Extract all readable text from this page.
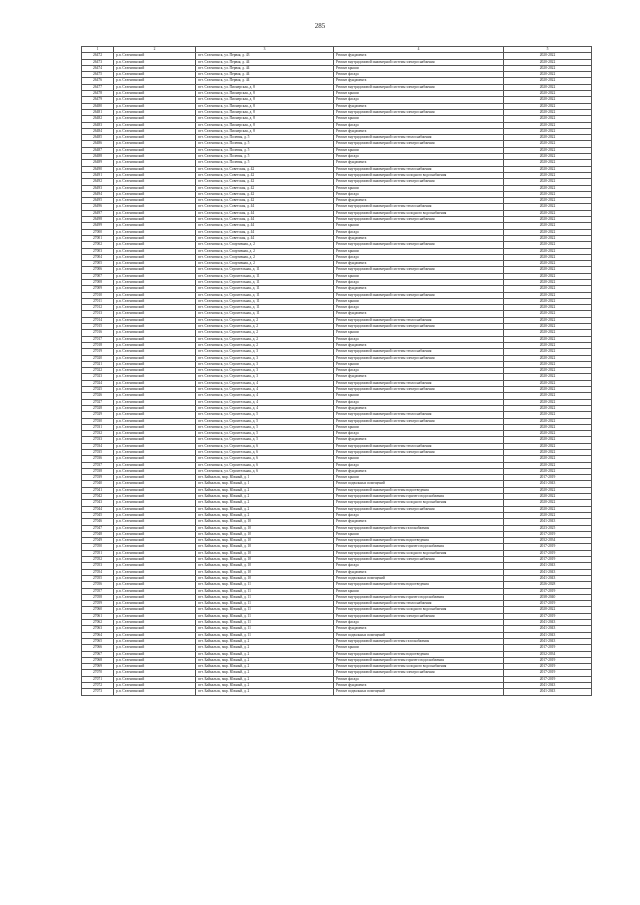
285
1	2	3	4	5
26472	р.п. Селенгинский	пгт. Селенгинск, ул. Первая, д. 43	Ремонт фундамента	2020-2022
26473	р.п. Селенгинский	пгт. Селенгинск, ул. Первая, д. 44	Ремонт внутридомовой инженерной системы электроснабжения	2020-2022
26474	р.п. Селенгинский	пгт. Селенгинск, ул. Первая, д. 44	Ремонт крыши	2020-2022
26475	р.п. Селенгинский	пгт. Селенгинск, ул. Первая, д. 44	Ремонт фасада	2020-2022
26476	р.п. Селенгинский	пгт. Селенгинск, ул. Первая, д. 44	Ремонт фундамента	2020-2022
26477	р.п. Селенгинский	пгт. Селенгинск, ул. Пионерская, д. 8	Ремонт внутридомовой инженерной системы электроснабжения	2020-2022
26478	р.п. Селенгинский	пгт. Селенгинск, ул. Пионерская, д. 8	Ремонт крыши	2020-2022
26479	р.п. Селенгинский	пгт. Селенгинск, ул. Пионерская, д. 8	Ремонт фасада	2020-2022
26480	р.п. Селенгинский	пгт. Селенгинск, ул. Пионерская, д. 8	Ремонт фундамента	2020-2022
26481	р.п. Селенгинский	пгт. Селенгинск, ул. Пионерская, д. 8	Ремонт внутридомовой инженерной системы электроснабжения	2020-2022
26482	р.п. Селенгинский	пгт. Селенгинск, ул. Пионерская, д. 8	Ремонт крыши	2020-2022
26483	р.п. Селенгинский	пгт. Селенгинск, ул. Пионерская, д. 8	Ремонт фасада	2020-2022
26484	р.п. Селенгинский	пгт. Селенгинск, ул. Пионерская, д. 8	Ремонт фундамента	2020-2022
26485	р.п. Селенгинский	пгт. Селенгинск, ул. Полевая, д. 5	Ремонт внутридомовой инженерной системы теплоснабжения	2020-2022
26486	р.п. Селенгинский	пгт. Селенгинск, ул. Полевая, д. 5	Ремонт внутридомовой инженерной системы электроснабжения	2020-2022
26487	р.п. Селенгинский	пгт. Селенгинск, ул. Полевая, д. 5	Ремонт крыши	2020-2022
26488	р.п. Селенгинский	пгт. Селенгинск, ул. Полевая, д. 5	Ремонт фасада	2020-2022
26489	р.п. Селенгинский	пгт. Селенгинск, ул. Полевая, д. 5	Ремонт фундамента	2020-2022
26490	р.п. Селенгинский	пгт. Селенгинск, ул. Советская, д. 42	Ремонт внутридомовой инженерной системы теплоснабжения	2020-2022
26491	р.п. Селенгинский	пгт. Селенгинск, ул. Советская, д. 42	Ремонт внутридомовой инженерной системы холодного водоснабжения	2020-2022
26492	р.п. Селенгинский	пгт. Селенгинск, ул. Советская, д. 42	Ремонт внутридомовой инженерной системы электроснабжения	2020-2022
26493	р.п. Селенгинский	пгт. Селенгинск, ул. Советская, д. 42	Ремонт крыши	2020-2022
26494	р.п. Селенгинский	пгт. Селенгинск, ул. Советская, д. 42	Ремонт фасада	2020-2022
26495	р.п. Селенгинский	пгт. Селенгинск, ул. Советская, д. 42	Ремонт фундамента	2020-2022
26496	р.п. Селенгинский	пгт. Селенгинск, ул. Советская, д. 44	Ремонт внутридомовой инженерной системы теплоснабжения	2020-2022
26497	р.п. Селенгинский	пгт. Селенгинск, ул. Советская, д. 44	Ремонт внутридомовой инженерной системы холодного водоснабжения	2020-2022
26498	р.п. Селенгинский	пгт. Селенгинск, ул. Советская, д. 44	Ремонт внутридомовой инженерной системы электроснабжения	2020-2022
26499	р.п. Селенгинский	пгт. Селенгинск, ул. Советская, д. 44	Ремонт крыши	2020-2022
27000	р.п. Селенгинский	пгт. Селенгинск, ул. Советская, д. 44	Ремонт фасада	2020-2022
27001	р.п. Селенгинский	пгт. Селенгинск, ул. Советская, д. 44	Ремонт фундамента	2020-2022
27002	р.п. Селенгинский	пгт. Селенгинск, ул. Спортивная, д. 2	Ремонт внутридомовой инженерной системы электроснабжения	2020-2022
27003	р.п. Селенгинский	пгт. Селенгинск, ул. Спортивная, д. 2	Ремонт крыши	2020-2022
27004	р.п. Селенгинский	пгт. Селенгинск, ул. Спортивная, д. 2	Ремонт фасада	2020-2022
27005	р.п. Селенгинский	пгт. Селенгинск, ул. Спортивная, д. 2	Ремонт фундамента	2020-2022
27006	р.п. Селенгинский	пгт. Селенгинск, ул. Строительная, д. 11	Ремонт внутридомовой инженерной системы электроснабжения	2020-2022
27007	р.п. Селенгинский	пгт. Селенгинск, ул. Строительная, д. 11	Ремонт крыши	2020-2022
27008	р.п. Селенгинский	пгт. Селенгинск, ул. Строительная, д. 11	Ремонт фасада	2020-2022
27009	р.п. Селенгинский	пгт. Селенгинск, ул. Строительная, д. 11	Ремонт фундамента	2020-2022
27010	р.п. Селенгинский	пгт. Селенгинск, ул. Строительная, д. 11	Ремонт внутридомовой инженерной системы электроснабжения	2020-2022
27011	р.п. Селенгинский	пгт. Селенгинск, ул. Строительная, д. 11	Ремонт крыши	2020-2022
27012	р.п. Селенгинский	пгт. Селенгинск, ул. Строительная, д. 11	Ремонт фасада	2020-2022
27013	р.п. Селенгинский	пгт. Селенгинск, ул. Строительная, д. 11	Ремонт фундамента	2020-2022
27014	р.п. Селенгинский	пгт. Селенгинск, ул. Строительная, д. 2	Ремонт внутридомовой инженерной системы теплоснабжения	2020-2022
27015	р.п. Селенгинский	пгт. Селенгинск, ул. Строительная, д. 2	Ремонт внутридомовой инженерной системы электроснабжения	2020-2022
27016	р.п. Селенгинский	пгт. Селенгинск, ул. Строительная, д. 2	Ремонт крыши	2020-2022
27017	р.п. Селенгинский	пгт. Селенгинск, ул. Строительная, д. 2	Ремонт фасада	2020-2022
27018	р.п. Селенгинский	пгт. Селенгинск, ул. Строительная, д. 2	Ремонт фундамента	2020-2022
27019	р.п. Селенгинский	пгт. Селенгинск, ул. Строительная, д. 3	Ремонт внутридомовой инженерной системы теплоснабжения	2020-2022
27020	р.п. Селенгинский	пгт. Селенгинск, ул. Строительная, д. 3	Ремонт внутридомовой инженерной системы электроснабжения	2020-2022
27021	р.п. Селенгинский	пгт. Селенгинск, ул. Строительная, д. 3	Ремонт крыши	2020-2022
27022	р.п. Селенгинский	пгт. Селенгинск, ул. Строительная, д. 3	Ремонт фасада	2020-2022
27023	р.п. Селенгинский	пгт. Селенгинск, ул. Строительная, д. 3	Ремонт фундамента	2020-2022
27024	р.п. Селенгинский	пгт. Селенгинск, ул. Строительная, д. 4	Ремонт внутридомовой инженерной системы теплоснабжения	2020-2022
27025	р.п. Селенгинский	пгт. Селенгинск, ул. Строительная, д. 4	Ремонт внутридомовой инженерной системы электроснабжения	2020-2022
27026	р.п. Селенгинский	пгт. Селенгинск, ул. Строительная, д. 4	Ремонт крыши	2020-2022
27027	р.п. Селенгинский	пгт. Селенгинск, ул. Строительная, д. 4	Ремонт фасада	2020-2022
27028	р.п. Селенгинский	пгт. Селенгинск, ул. Строительная, д. 4	Ремонт фундамента	2020-2022
27029	р.п. Селенгинский	пгт. Селенгинск, ул. Строительная, д. 5	Ремонт внутридомовой инженерной системы теплоснабжения	2020-2022
27030	р.п. Селенгинский	пгт. Селенгинск, ул. Строительная, д. 5	Ремонт внутридомовой инженерной системы электроснабжения	2020-2022
27031	р.п. Селенгинский	пгт. Селенгинск, ул. Строительная, д. 5	Ремонт крыши	2020-2022
27032	р.п. Селенгинский	пгт. Селенгинск, ул. Строительная, д. 5	Ремонт фасада	2020-2022
27033	р.п. Селенгинский	пгт. Селенгинск, ул. Строительная, д. 5	Ремонт фундамента	2020-2022
27034	р.п. Селенгинский	пгт. Селенгинск, ул. Строительная, д. 6	Ремонт внутридомовой инженерной системы теплоснабжения	2020-2022
27035	р.п. Селенгинский	пгт. Селенгинск, ул. Строительная, д. 6	Ремонт внутридомовой инженерной системы электроснабжения	2020-2022
27036	р.п. Селенгинский	пгт. Селенгинск, ул. Строительная, д. 6	Ремонт крыши	2020-2022
27037	р.п. Селенгинский	пгт. Селенгинск, ул. Строительная, д. 6	Ремонт фасада	2020-2022
27038	р.п. Селенгинский	пгт. Селенгинск, ул. Строительная, д. 6	Ремонт фундамента	2020-2022
27039	р.п. Селенгинский	пгт. Байкальск, мкр. Южный, д. 1	Ремонт крыши	2017-2019
27040	р.п. Селенгинский	пгт. Байкальск, мкр. Южный, д. 1	Ремонт подвальных помещений	2041-2043
27041	р.п. Селенгинский	пгт. Байкальск, мкр. Южный, д. 2	Ремонт внутридомовой инженерной системы водоотведения	2020-2022
27042	р.п. Селенгинский	пгт. Байкальск, мкр. Южный, д. 2	Ремонт внутридомовой инженерной системы горячего водоснабжения	2020-2022
27043	р.п. Селенгинский	пгт. Байкальск, мкр. Южный, д. 2	Ремонт внутридомовой инженерной системы холодного водоснабжения	2020-2022
27044	р.п. Селенгинский	пгт. Байкальск, мкр. Южный, д. 2	Ремонт внутридомовой инженерной системы электроснабжения	2020-2022
27045	р.п. Селенгинский	пгт. Байкальск, мкр. Южный, д. 2	Ремонт фасада	2020-2022
27046	р.п. Селенгинский	пгт. Байкальск, мкр. Южный, д. 10	Ремонт фундамента	2041-2043
27047	р.п. Селенгинский	пгт. Байкальск, мкр. Южный, д. 10	Ремонт внутридомовой инженерной системы газоснабжения	2023-2025
27048	р.п. Селенгинский	пгт. Байкальск, мкр. Южный, д. 10	Ремонт крыши	2017-2019
27049	р.п. Селенгинский	пгт. Байкальск, мкр. Южный, д. 10	Ремонт внутридомовой инженерной системы водоотведения	2032-2034
27050	р.п. Селенгинский	пгт. Байкальск, мкр. Южный, д. 10	Ремонт внутридомовой инженерной системы горячего водоснабжения	2017-2019
27051	р.п. Селенгинский	пгт. Байкальск, мкр. Южный, д. 10	Ремонт внутридомовой инженерной системы холодного водоснабжения	2017-2019
27052	р.п. Селенгинский	пгт. Байкальск, мкр. Южный, д. 10	Ремонт внутридомовой инженерной системы электроснабжения	2017-2019
27053	р.п. Селенгинский	пгт. Байкальск, мкр. Южный, д. 10	Ремонт фасада	2041-2043
27054	р.п. Селенгинский	пгт. Байкальск, мкр. Южный, д. 10	Ремонт фундамента	2041-2043
27055	р.п. Селенгинский	пгт. Байкальск, мкр. Южный, д. 10	Ремонт подвальных помещений	2041-2043
27056	р.п. Селенгинский	пгт. Байкальск, мкр. Южный, д. 11	Ремонт внутридомовой инженерной системы водоотведения	2026-2028
27057	р.п. Селенгинский	пгт. Байкальск, мкр. Южный, д. 11	Ремонт крыши	2017-2019
27058	р.п. Селенгинский	пгт. Байкальск, мкр. Южный, д. 11	Ремонт внутридомовой инженерной системы горячего водоснабжения	2038-2040
27059	р.п. Селенгинский	пгт. Байкальск, мкр. Южный, д. 11	Ремонт внутридомовой инженерной системы теплоснабжения	2017-2019
27060	р.п. Селенгинский	пгт. Байкальск, мкр. Южный, д. 11	Ремонт внутридомовой инженерной системы холодного водоснабжения	2020-2022
27061	р.п. Селенгинский	пгт. Байкальск, мкр. Южный, д. 11	Ремонт внутридомовой инженерной системы электроснабжения	2017-2019
27062	р.п. Селенгинский	пгт. Байкальск, мкр. Южный, д. 11	Ремонт фасада	2041-2043
27063	р.п. Селенгинский	пгт. Байкальск, мкр. Южный, д. 11	Ремонт фундамента	2041-2043
27064	р.п. Селенгинский	пгт. Байкальск, мкр. Южный, д. 11	Ремонт подвальных помещений	2041-2043
27065	р.п. Селенгинский	пгт. Байкальск, мкр. Южный, д. 2	Ремонт внутридомовой инженерной системы газоснабжения	2041-2043
27066	р.п. Селенгинский	пгт. Байкальск, мкр. Южный, д. 2	Ремонт крыши	2017-2019
27067	р.п. Селенгинский	пгт. Байкальск, мкр. Южный, д. 2	Ремонт внутридомовой инженерной системы водоотведения	2032-2034
27068	р.п. Селенгинский	пгт. Байкальск, мкр. Южный, д. 2	Ремонт внутридомовой инженерной системы горячего водоснабжения	2017-2019
27069	р.п. Селенгинский	пгт. Байкальск, мкр. Южный, д. 2	Ремонт внутридомовой инженерной системы холодного водоснабжения	2017-2019
27070	р.п. Селенгинский	пгт. Байкальск, мкр. Южный, д. 2	Ремонт внутридомовой инженерной системы электроснабжения	2017-2019
27071	р.п. Селенгинский	пгт. Байкальск, мкр. Южный, д. 2	Ремонт фасада	2017-2019
27072	р.п. Селенгинский	пгт. Байкальск, мкр. Южный, д. 2	Ремонт фундамента	2041-2043
27073	р.п. Селенгинский	пгт. Байкальск, мкр. Южный, д. 2	Ремонт подвальных помещений	2041-2043
